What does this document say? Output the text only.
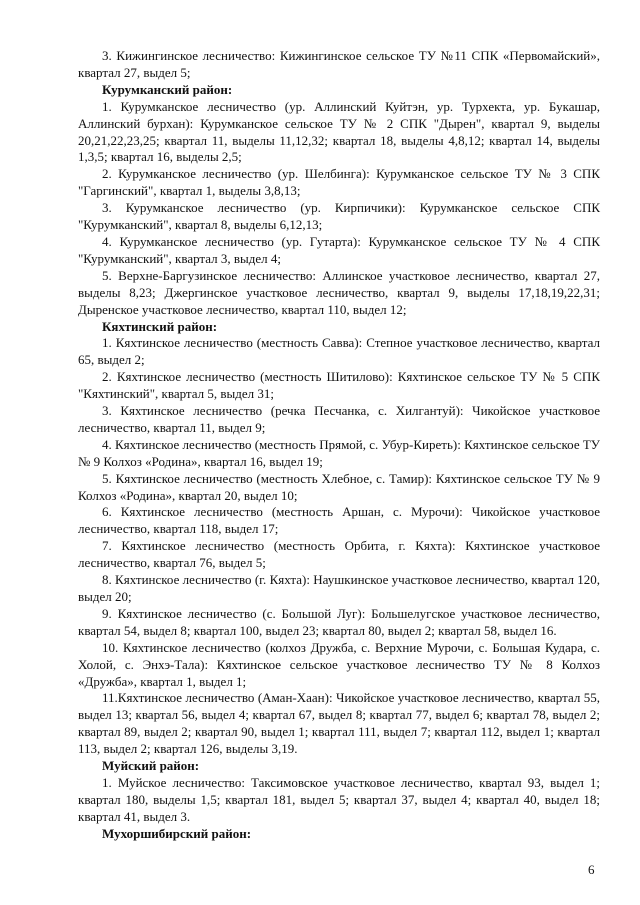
3. Кижингинское лесничество: Кижингинское сельское ТУ №11 СПК «Первомайский», квартал 27, выдел 5;

Курумканский район:

1. Курумканское лесничество (ур. Аллинский Куйтэн, ур. Турхекта, ур. Букашар, Аллинский бурхан): Курумканское сельское ТУ № 2 СПК "Дырен", квартал 9, выделы 20,21,22,23,25; квартал 11, выделы 11,12,32; квартал 18, выделы 4,8,12; квартал 14, выделы 1,3,5; квартал 16, выделы 2,5;

2. Курумканское лесничество (ур. Шелбинга): Курумканское сельское ТУ № 3 СПК "Гаргинский", квартал 1, выделы 3,8,13;

3. Курумканское лесничество (ур. Кирпичики): Курумканское сельское СПК "Курумканский", квартал 8, выделы 6,12,13;

4. Курумканское лесничество (ур. Гутарта): Курумканское сельское ТУ № 4 СПК "Курумканский", квартал 3, выдел 4;

5. Верхне-Баргузинское лесничество: Аллинское участковое лесничество, квартал 27, выделы 8,23; Джергинское участковое лесничество, квартал 9, выделы 17,18,19,22,31; Дыренское участковое лесничество, квартал 110, выдел 12;

Кяхтинский район:

1. Кяхтинское лесничество (местность Савва): Степное участковое лесничество, квартал 65, выдел 2;

2. Кяхтинское лесничество (местность Шитилово): Кяхтинское сельское ТУ № 5 СПК "Кяхтинский", квартал 5, выдел 31;

3. Кяхтинское лесничество (речка Песчанка, с. Хилгантуй): Чикойское участковое лесничество, квартал 11, выдел 9;

4. Кяхтинское лесничество (местность Прямой, с. Убур-Киреть): Кяхтинское сельское ТУ № 9 Колхоз «Родина», квартал 16, выдел 19;

5. Кяхтинское лесничество (местность Хлебное, с. Тамир): Кяхтинское сельское ТУ № 9 Колхоз «Родина», квартал 20, выдел 10;

6. Кяхтинское лесничество (местность Аршан, с. Мурочи): Чикойское участковое лесничество, квартал 118, выдел 17;

7. Кяхтинское лесничество (местность Орбита, г. Кяхта): Кяхтинское участковое лесничество, квартал 76, выдел 5;

8. Кяхтинское лесничество (г. Кяхта): Наушкинское участковое лесничество, квартал 120, выдел 20;

9. Кяхтинское лесничество (с. Большой Луг): Большелугское участковое лесничество, квартал 54, выдел 8; квартал 100, выдел 23; квартал 80, выдел 2; квартал 58, выдел 16.

10. Кяхтинское лесничество (колхоз Дружба, с. Верхние Мурочи, с. Большая Кудара, с. Холой, с. Энхэ-Тала): Кяхтинское сельское участковое лесничество ТУ № 8 Колхоз «Дружба», квартал 1, выдел 1;

11.Кяхтинское лесничество (Аман-Хаан): Чикойское участковое лесничество, квартал 55, выдел 13; квартал 56, выдел 4; квартал 67, выдел 8; квартал 77, выдел 6; квартал 78, выдел 2; квартал 89, выдел 2; квартал 90, выдел 1; квартал 111, выдел 7; квартал 112, выдел 1; квартал 113, выдел 2; квартал 126, выделы 3,19.

Муйский район:

1. Муйское лесничество: Таксимовское участковое лесничество, квартал 93, выдел 1; квартал 180, выделы 1,5; квартал 181, выдел 5; квартал 37, выдел 4; квартал 40, выдел 18; квартал 41, выдел 3.

Мухоршибирский район:

6
